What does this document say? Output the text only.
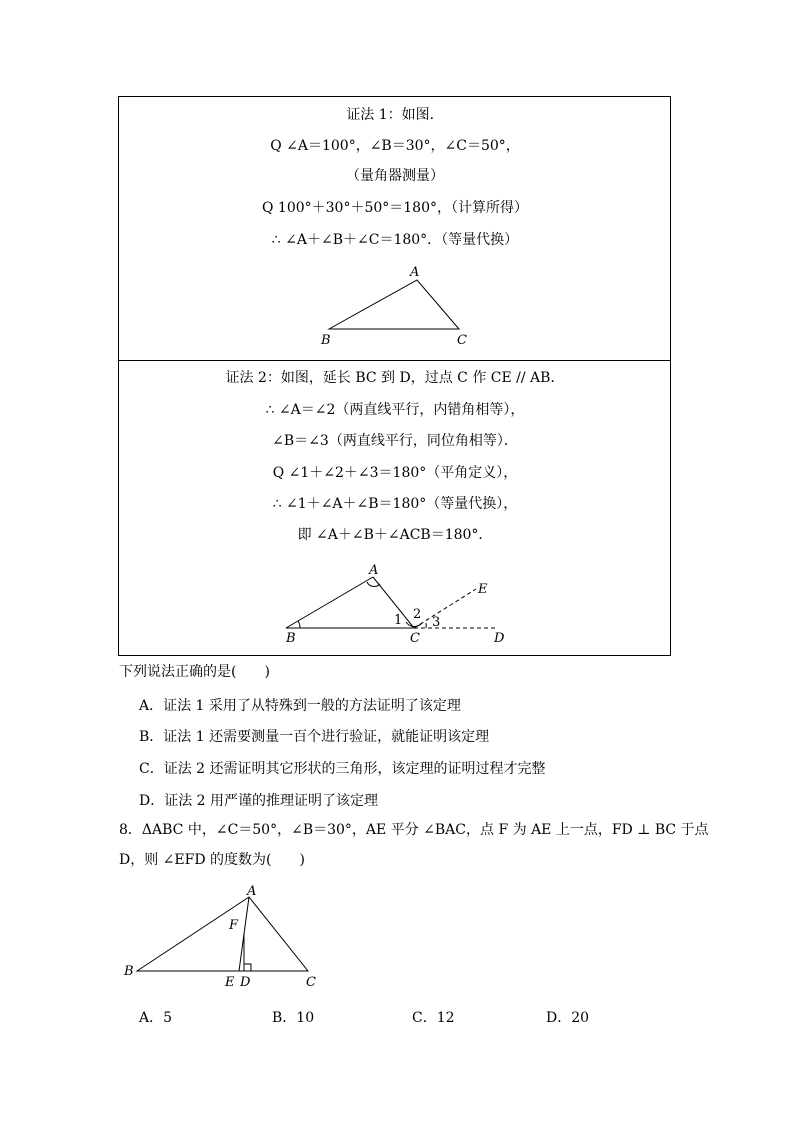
证法 1：如图．
Q ∠A＝100°，∠B＝30°，∠C＝50°，
（量角器测量）
Q 100°＋30°＋50°＝180°，（计算所得）
∴ ∠A＋∠B＋∠C＝180°．（等量代换）
A
B	C
证法 2：如图，延长 BC 到 D，过点 C 作 CE // AB．
∴ ∠A＝∠2（两直线平行，内错角相等），
∠B＝∠3（两直线平行，同位角相等）．
Q ∠1＋∠2＋∠3＝180°（平角定义），
∴ ∠1＋∠A＋∠B＝180°（等量代换），
即 ∠A＋∠B＋∠ACB＝180°．
A
B	C	D
E
1 2
3
下列说法正确的是(　　)
A．证法 1 采用了从特殊到一般的方法证明了该定理
B．证法 1 还需要测量一百个进行验证，就能证明该定理
C．证法 2 还需证明其它形状的三角形，该定理的证明过程才完整
D．证法 2 用严谨的推理证明了该定理
8．ΔABC 中，∠C＝50°，∠B＝30°，AE 平分 ∠BAC，点 F 为 AE 上一点，FD ⊥ BC 于点
D，则 ∠EFD 的度数为(　　)
A
B
C
D
E
F
A．5	B．10	C．12	D．20
